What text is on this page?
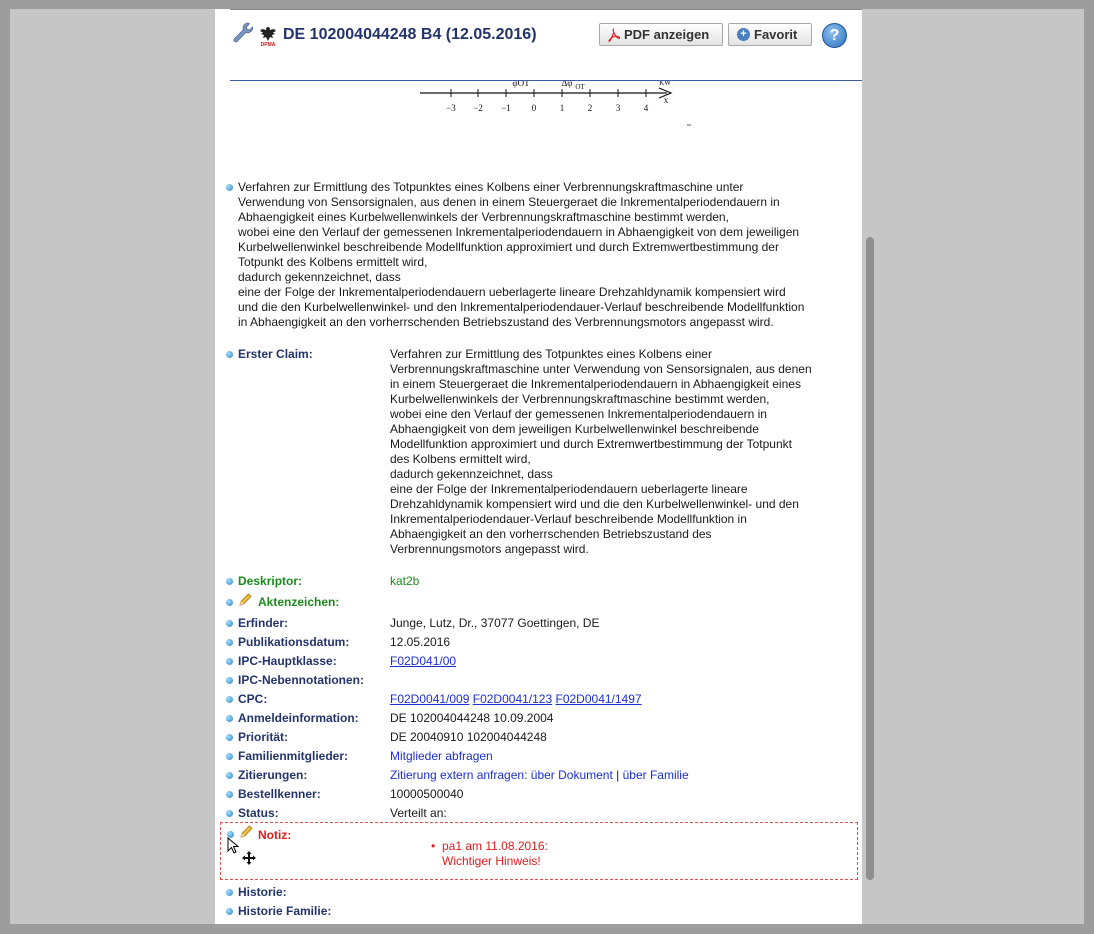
DPMA
DE 102004044248 B4 (12.05.2016)	PDF anzeigen	+ Favorit	?
−3 −2 −1 0	1	2	3	4
φOT	Δφ OT	KW
x

Verfahren zur Ermittlung des Totpunktes eines Kolbens einer Verbrennungskraftmaschine unter

Verwendung von Sensorsignalen, aus denen in einem Steuergeraet die Inkrementalperiodendauern in

Abhaengigkeit eines Kurbelwellenwinkels der Verbrennungskraftmaschine bestimmt werden,

wobei eine den Verlauf der gemessenen Inkrementalperiodendauern in Abhaengigkeit von dem jeweiligen

Kurbelwellenwinkel beschreibende Modellfunktion approximiert und durch Extremwertbestimmung der

Totpunkt des Kolbens ermittelt wird,

dadurch gekennzeichnet, dass

eine der Folge der Inkrementalperiodendauern ueberlagerte lineare Drehzahldynamik kompensiert wird

und die den Kurbelwellenwinkel- und den Inkrementalperiodendauer-Verlauf beschreibende Modellfunktion

in Abhaengigkeit an den vorherrschenden Betriebszustand des Verbrennungsmotors angepasst wird.

Erster Claim:	Verfahren zur Ermittlung des Totpunktes eines Kolbens einer

Verbrennungskraftmaschine unter Verwendung von Sensorsignalen, aus denen

in einem Steuergeraet die Inkrementalperiodendauern in Abhaengigkeit eines

Kurbelwellenwinkels der Verbrennungskraftmaschine bestimmt werden,

wobei eine den Verlauf der gemessenen Inkrementalperiodendauern in

Abhaengigkeit von dem jeweiligen Kurbelwellenwinkel beschreibende

Modellfunktion approximiert und durch Extremwertbestimmung der Totpunkt

des Kolbens ermittelt wird,

dadurch gekennzeichnet, dass

eine der Folge der Inkrementalperiodendauern ueberlagerte lineare

Drehzahldynamik kompensiert wird und die den Kurbelwellenwinkel- und den

Inkrementalperiodendauer-Verlauf beschreibende Modellfunktion in

Abhaengigkeit an den vorherrschenden Betriebszustand des

Verbrennungsmotors angepasst wird.

Deskriptor:	kat2b
Aktenzeichen:
Erfinder:	Junge, Lutz, Dr., 37077 Goettingen, DE
Publikationsdatum:	12.05.2016
IPC-Hauptklasse:	F02D041/00
IPC-Nebennotationen:
CPC:	F02D0041/009 F02D0041/123 F02D0041/1497
Anmeldeinformation:	DE 102004044248 10.09.2004
Priorität:	DE 20040910 102004044248
Familienmitglieder:	Mitglieder abfragen
Zitierungen:	Zitierung extern anfragen: über Dokument | über Familie
Bestellkenner:	10000500040
Status:	Verteilt an:
Notiz:
• pa1 am 11.08.2016:
Wichtiger Hinweis!
Historie:
Historie Familie:
